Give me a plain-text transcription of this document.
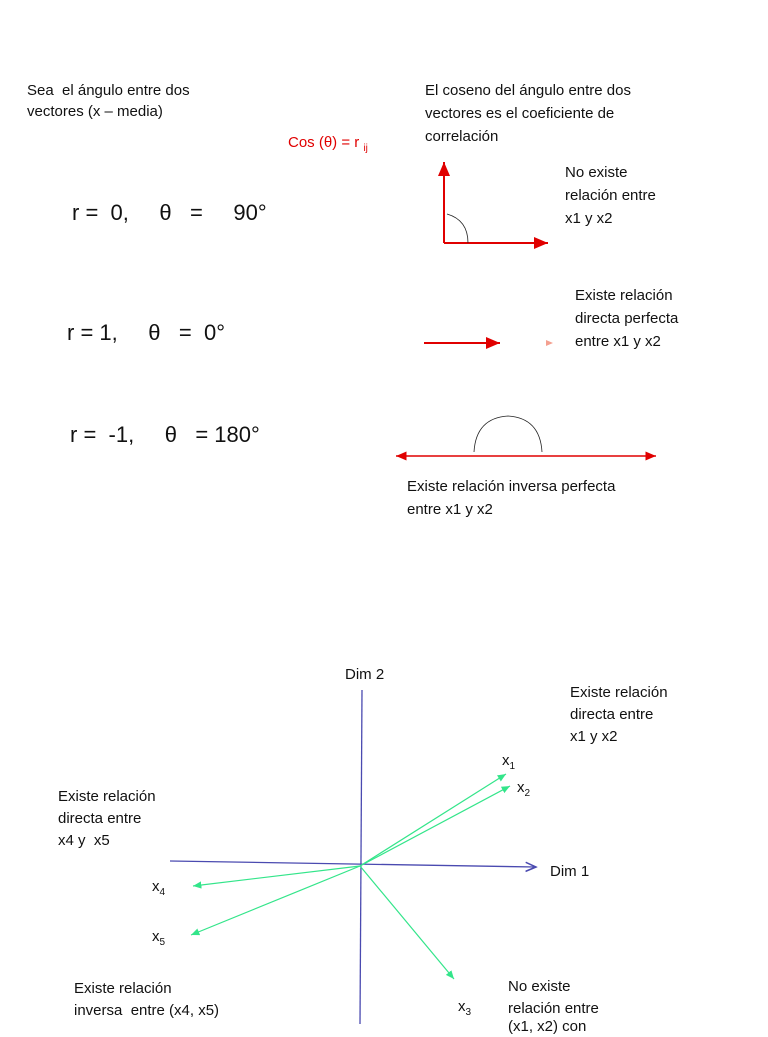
Sea  el ángulo entre dos
vectores (x – media)
El coseno del ángulo entre dos
vectores es el coeficiente de
correlación
Cos (θ) = r $_{ij}$
r =  0,     θ   =     90°
r = 1,     θ   =  0°
r =  -1,     θ   = 180°
No existe
relación entre
x1 y x2
Existe relación
directa perfecta
entre x1 y x2
Existe relación inversa perfecta
entre x1 y x2
Dim 2
Dim 1
$x_1$
$x_2$
$x_3$
$x_4$
$x_5$
Existe relación
directa entre
x1 y x2
Existe relación
directa entre
x4 y  x5
Existe relación
inversa  entre (x4, x5)
No existe
relación entre
(x1, x2) con
